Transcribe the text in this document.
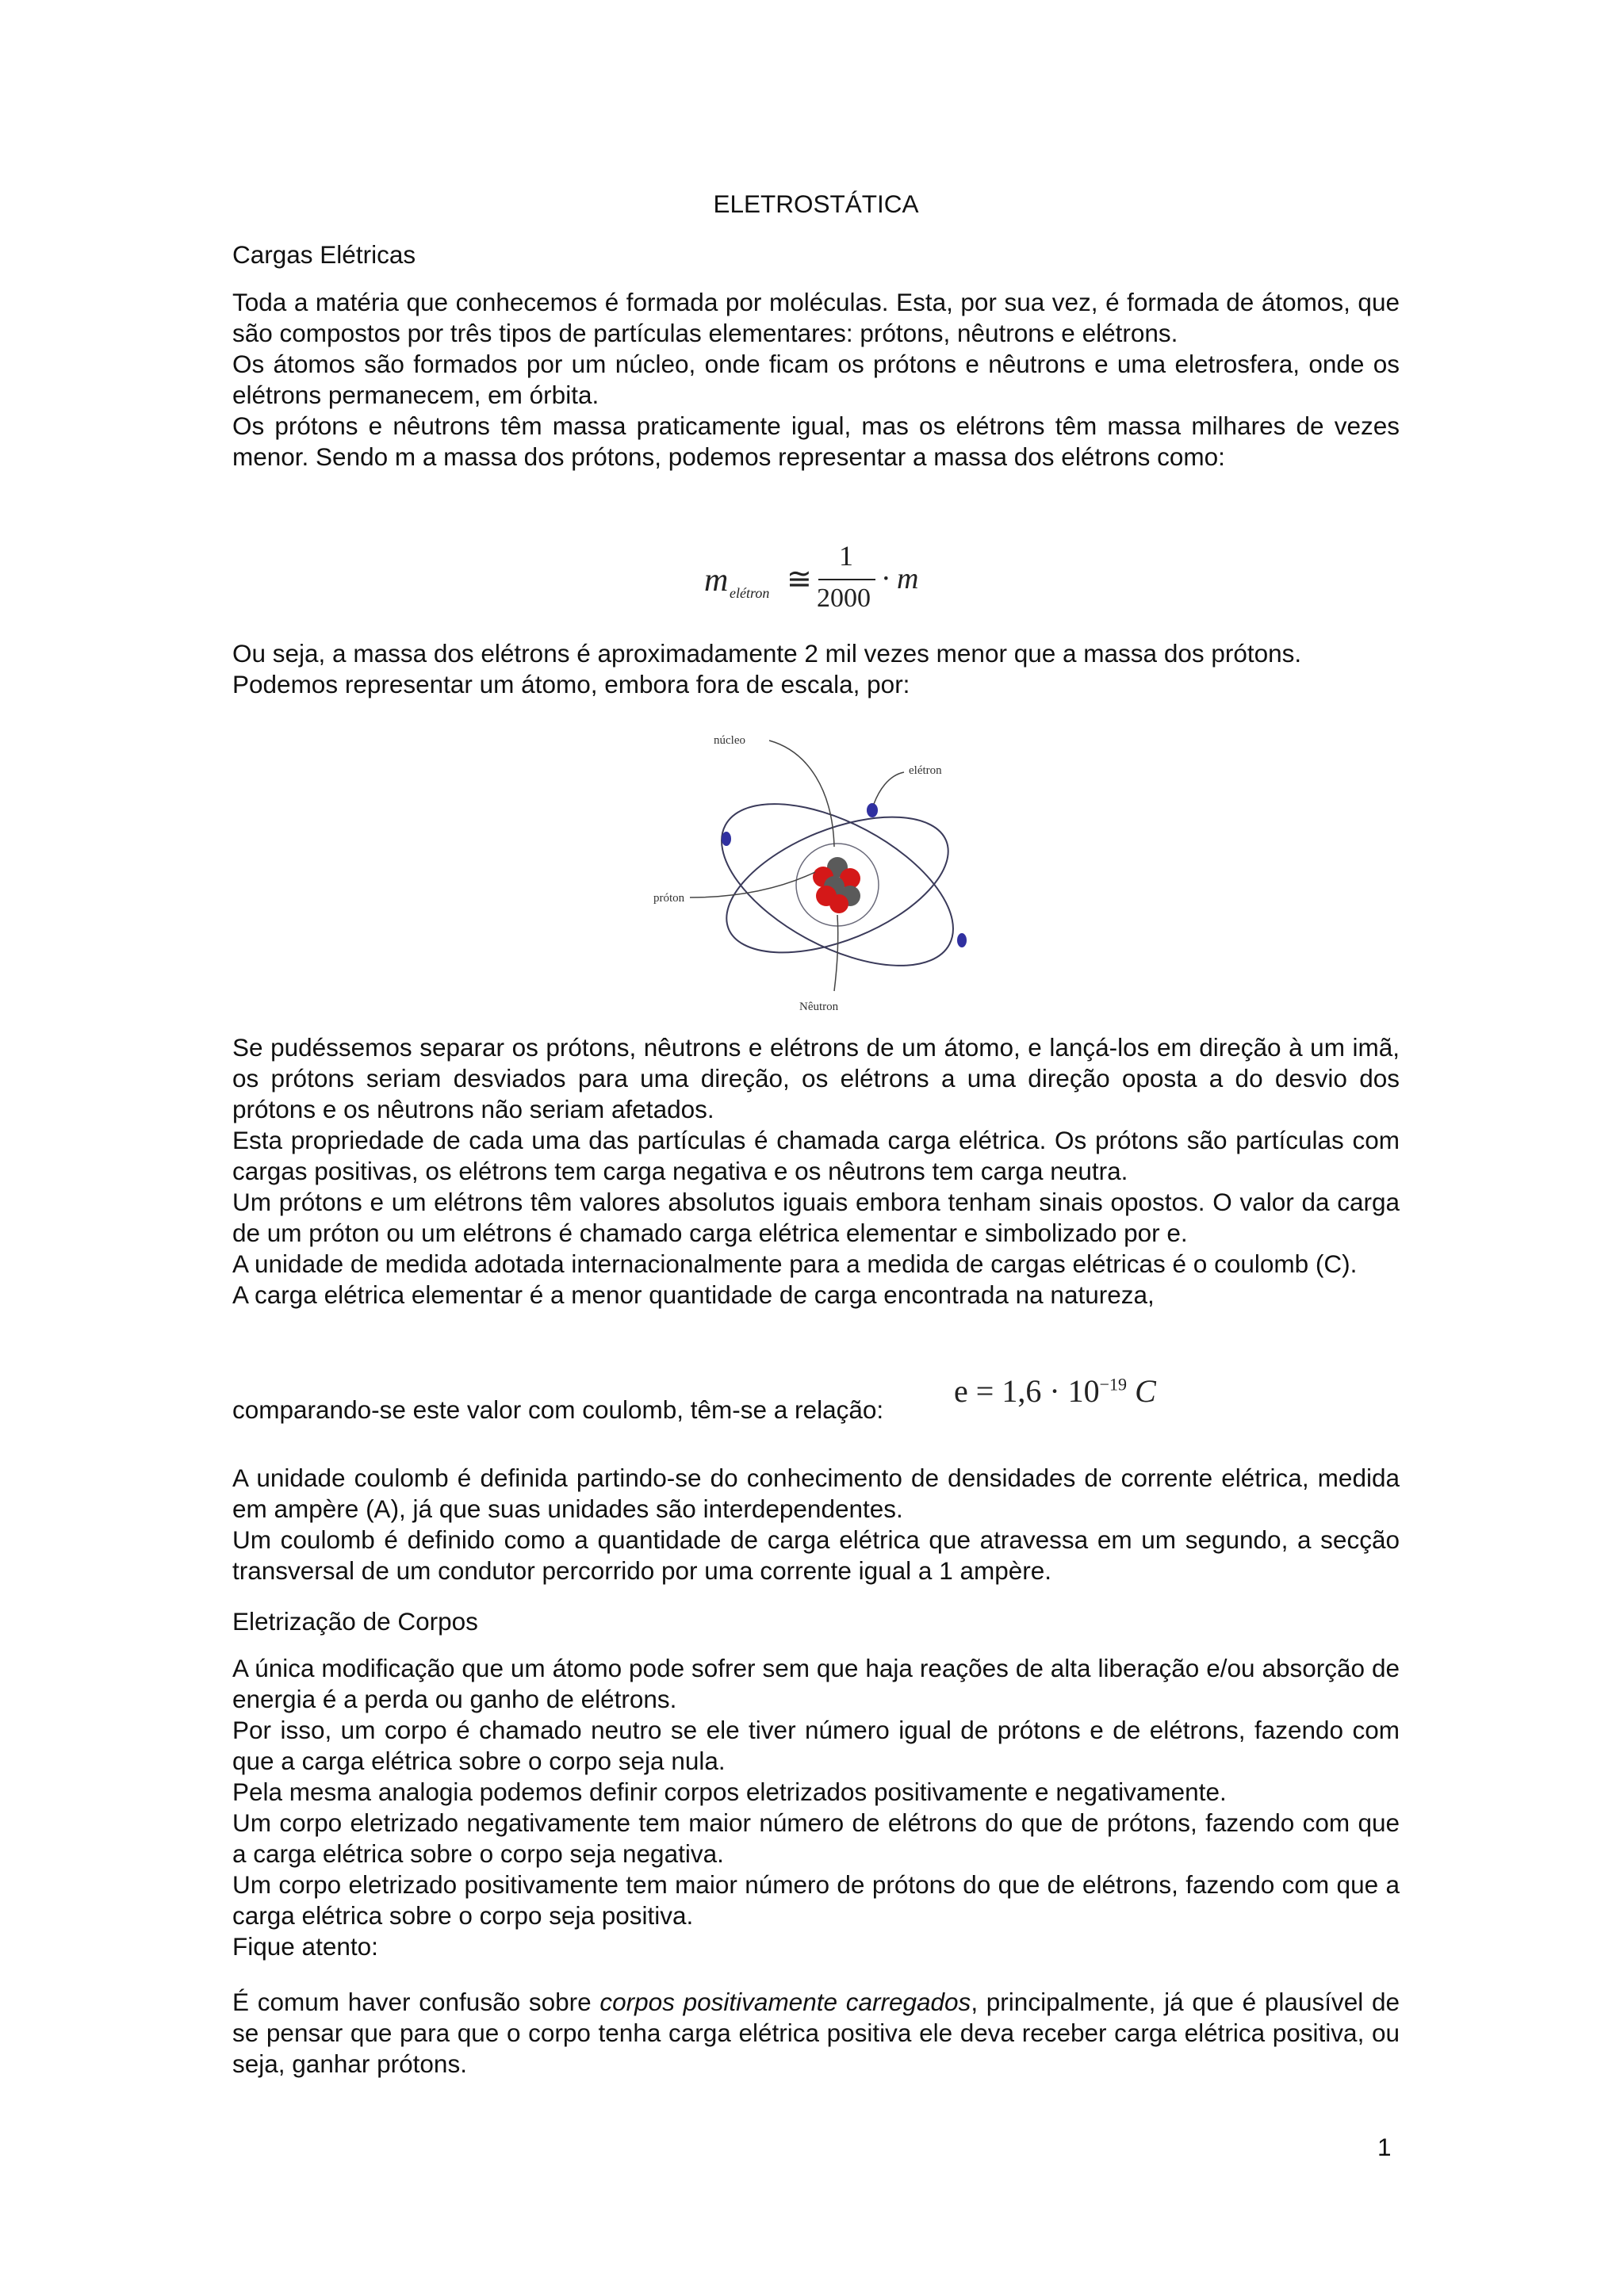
ELETROSTÁTICA

Cargas Elétricas

Toda a matéria que conhecemos é formada por moléculas. Esta, por sua vez, é formada de átomos, que são compostos por três tipos de partículas elementares: prótons, nêutrons e elétrons.

Os átomos são formados por um núcleo, onde ficam os prótons e nêutrons e uma eletrosfera, onde os elétrons permanecem, em órbita.

Os prótons e nêutrons têm massa praticamente igual, mas os elétrons têm massa milhares de vezes menor. Sendo m a massa dos prótons, podemos representar a massa dos elétrons como:

m elétron ≅
1
2000
· m

Ou seja, a massa dos elétrons é aproximadamente 2 mil vezes menor que a massa dos prótons.

Podemos representar um átomo, embora fora de escala, por:

núcleo
elétron
próton
Nêutron

Se pudéssemos separar os prótons, nêutrons e elétrons de um átomo, e lançá-los em direção à um imã, os prótons seriam desviados para uma direção, os elétrons a uma direção oposta a do desvio dos prótons e os nêutrons não seriam afetados.

Esta propriedade de cada uma das partículas é chamada carga elétrica. Os prótons são partículas com cargas positivas, os elétrons tem carga negativa e os nêutrons tem carga neutra.

Um prótons e um elétrons têm valores absolutos iguais embora tenham sinais opostos. O valor da carga de um próton ou um elétrons é chamado carga elétrica elementar e simbolizado por e.

A unidade de medida adotada internacionalmente para a medida de cargas elétricas é o coulomb (C).

A carga elétrica elementar é a menor quantidade de carga encontrada na natureza,

comparando-se este valor com coulomb, têm-se a relação:

$e = 1,6 \cdot 10^{-19}$ C

A unidade coulomb é definida partindo-se do conhecimento de densidades de corrente elétrica, medida em ampère (A), já que suas unidades são interdependentes.

Um coulomb é definido como a quantidade de carga elétrica que atravessa em um segundo, a secção transversal de um condutor percorrido por uma corrente igual a 1 ampère.

Eletrização de Corpos

A única modificação que um átomo pode sofrer sem que haja reações de alta liberação e/ou absorção de energia é a perda ou ganho de elétrons.

Por isso, um corpo é chamado neutro se ele tiver número igual de prótons e de elétrons, fazendo com que a carga elétrica sobre o corpo seja nula.

Pela mesma analogia podemos definir corpos eletrizados positivamente e negativamente.

Um corpo eletrizado negativamente tem maior número de elétrons do que de prótons, fazendo com que a carga elétrica sobre o corpo seja negativa.

Um corpo eletrizado positivamente tem maior número de prótons do que de elétrons, fazendo com que a carga elétrica sobre o corpo seja positiva.

Fique atento:

É comum haver confusão sobre corpos positivamente carregados, principalmente, já que é plausível de se pensar que para que o corpo tenha carga elétrica positiva ele deva receber carga elétrica positiva, ou seja, ganhar prótons.

1
